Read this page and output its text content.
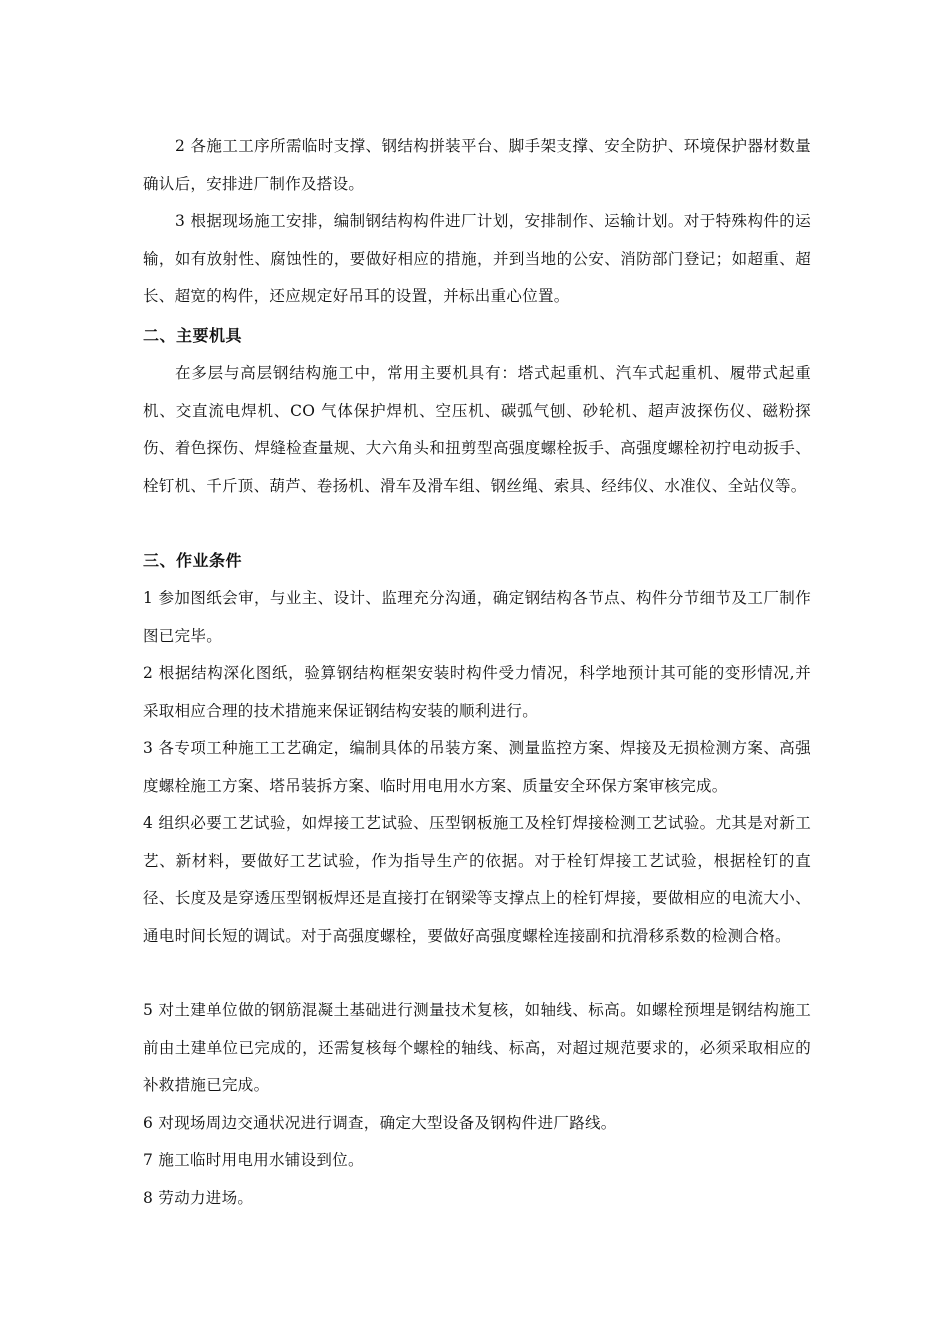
2 各施工工序所需临时支撑、钢结构拼装平台、脚手架支撑、安全防护、环境保护器材数量确认后，安排进厂制作及搭设。

3 根据现场施工安排，编制钢结构构件进厂计划，安排制作、运输计划。对于特殊构件的运输，如有放射性、腐蚀性的，要做好相应的措施，并到当地的公安、消防部门登记；如超重、超长、超宽的构件，还应规定好吊耳的设置，并标出重心位置。

二、主要机具

在多层与高层钢结构施工中，常用主要机具有：塔式起重机、汽车式起重机、履带式起重机、交直流电焊机、CO 气体保护焊机、空压机、碳弧气刨、砂轮机、超声波探伤仪、磁粉探伤、着色探伤、焊缝检查量规、大六角头和扭剪型高强度螺栓扳手、高强度螺栓初拧电动扳手、栓钉机、千斤顶、葫芦、卷扬机、滑车及滑车组、钢丝绳、索具、经纬仪、水准仪、全站仪等。

三、作业条件

1 参加图纸会审，与业主、设计、监理充分沟通，确定钢结构各节点、构件分节细节及工厂制作图已完毕。

2 根据结构深化图纸，验算钢结构框架安装时构件受力情况，科学地预计其可能的变形情况,并采取相应合理的技术措施来保证钢结构安装的顺利进行。

3 各专项工种施工工艺确定，编制具体的吊装方案、测量监控方案、焊接及无损检测方案、高强度螺栓施工方案、塔吊装拆方案、临时用电用水方案、质量安全环保方案审核完成。

4 组织必要工艺试验，如焊接工艺试验、压型钢板施工及栓钉焊接检测工艺试验。尤其是对新工艺、新材料，要做好工艺试验，作为指导生产的依据。对于栓钉焊接工艺试验，根据栓钉的直径、长度及是穿透压型钢板焊还是直接打在钢梁等支撑点上的栓钉焊接，要做相应的电流大小、通电时间长短的调试。对于高强度螺栓，要做好高强度螺栓连接副和抗滑移系数的检测合格。

5 对土建单位做的钢筋混凝土基础进行测量技术复核，如轴线、标高。如螺栓预埋是钢结构施工前由土建单位已完成的，还需复核每个螺栓的轴线、标高，对超过规范要求的，必须采取相应的补救措施已完成。

6 对现场周边交通状况进行调查，确定大型设备及钢构件进厂路线。

7 施工临时用电用水铺设到位。

8 劳动力进场。
